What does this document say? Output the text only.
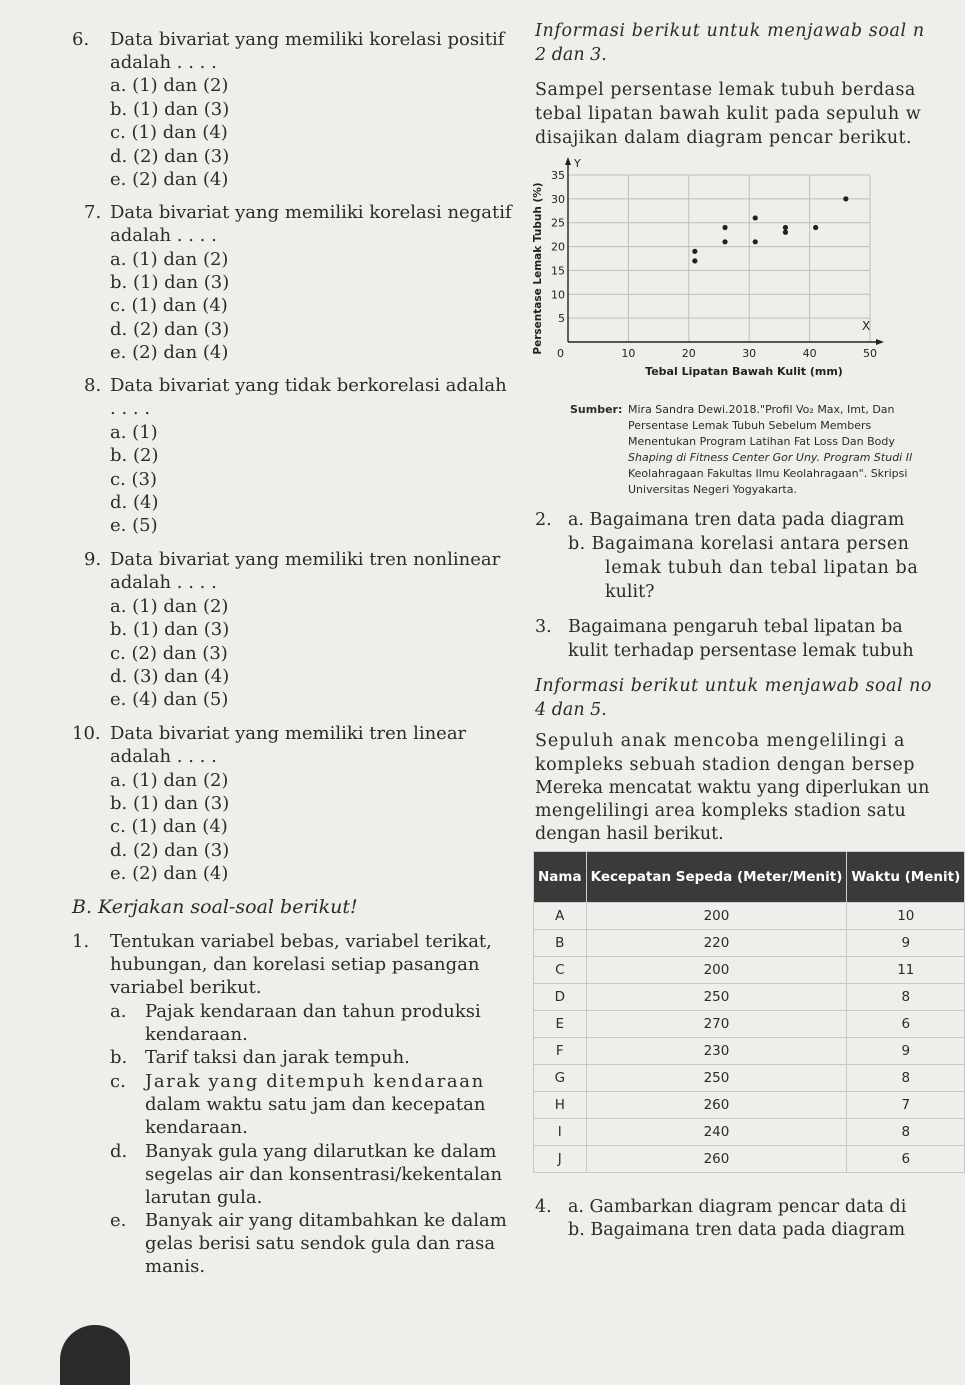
6. Data bivariat yang memiliki korelasi positif
adalah . . . .
a. (1) dan (2)
b. (1) dan (3)
c. (1) dan (4)
d. (2) dan (3)
e. (2) dan (4)
7. Data bivariat yang memiliki korelasi negatif
adalah . . . .
a. (1) dan (2)
b. (1) dan (3)
c. (1) dan (4)
d. (2) dan (3)
e. (2) dan (4)
8. Data bivariat yang tidak berkorelasi adalah
. . . .
a. (1)
b. (2)
c. (3)
d. (4)
e. (5)
9. Data bivariat yang memiliki tren nonlinear
adalah . . . .
a. (1) dan (2)
b. (1) dan (3)
c. (2) dan (3)
d. (3) dan (4)
e. (4) dan (5)
10. Data bivariat yang memiliki tren linear
adalah . . . .
a. (1) dan (2)
b. (1) dan (3)
c. (1) dan (4)
d. (2) dan (3)
e. (2) dan (4)
B. Kerjakan soal-soal berikut!
1. Tentukan variabel bebas, variabel terikat,
hubungan, dan korelasi setiap pasangan
variabel berikut.
a. Pajak kendaraan dan tahun produksi
kendaraan.
b. Tarif taksi dan jarak tempuh.
c. Jarak yang ditempuh kendaraan
dalam waktu satu jam dan kecepatan
kendaraan.
d. Banyak gula yang dilarutkan ke dalam
segelas air dan konsentrasi/kekentalan
larutan gula.
e. Banyak air yang ditambahkan ke dalam
gelas berisi satu sendok gula dan rasa
manis.
Informasi berikut untuk menjawab soal n
2 dan 3.
Sampel persentase lemak tubuh berdasa
tebal lipatan bawah kulit pada sepuluh w
disajikan dalam diagram pencar berikut.
5
10
15
20
25
30
35
10	20	30	40	50
Y
X
0
Tebal Lipatan Bawah Kulit (mm)
Persentase Lemak Tubuh (%)
Sumber: Mira Sandra Dewi.2018."Profil Vo₂ Max, Imt, Dan
Persentase Lemak Tubuh Sebelum Members
Menentukan Program Latihan Fat Loss Dan Body
Shaping di Fitness Center Gor Uny. Program Studi Il
Keolahragaan Fakultas Ilmu Keolahragaan". Skripsi
Universitas Negeri Yogyakarta.
2. a. Bagaimana tren data pada diagram
b. Bagaimana korelasi antara persen
lemak tubuh dan tebal lipatan ba
kulit?
3. Bagaimana pengaruh tebal lipatan ba
kulit terhadap persentase lemak tubuh
Informasi berikut untuk menjawab soal no
4 dan 5.
Sepuluh anak mencoba mengelilingi a
kompleks sebuah stadion dengan bersep
Mereka mencatat waktu yang diperlukan un
mengelilingi area kompleks stadion satu
dengan hasil berikut.
Nama	Kecepatan Sepeda (Meter/Menit)	Waktu (Menit)
A	200	10
B	220	9
C	200	11
D	250	8
E	270	6
F	230	9
G	250	8
H	260	7
I	240	8
J	260	6
4. a. Gambarkan diagram pencar data di
b. Bagaimana tren data pada diagram
